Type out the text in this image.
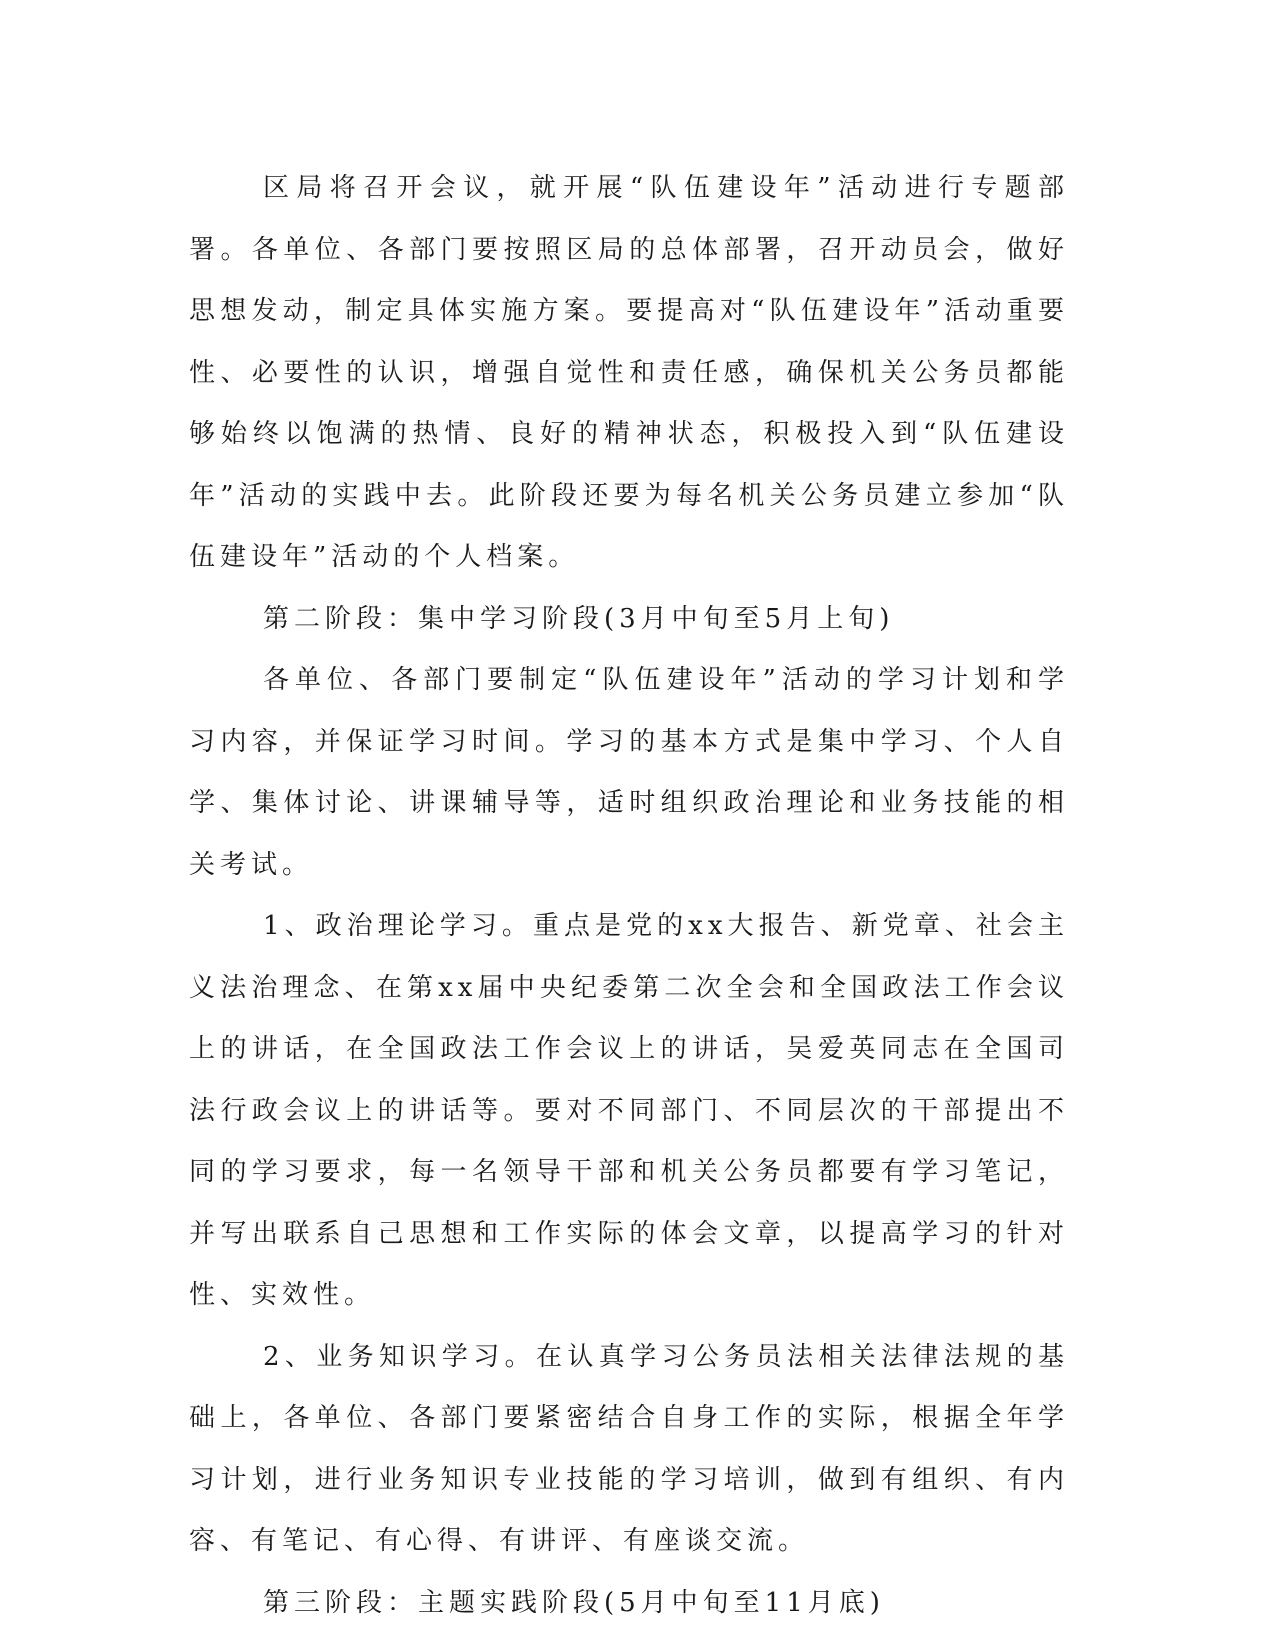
区局将召开会议，就开展“队伍建设年”活动进行专题部署。各单位、各部门要按照区局的总体部署，召开动员会，做好思想发动，制定具体实施方案。要提高对“队伍建设年”活动重要性、必要性的认识，增强自觉性和责任感，确保机关公务员都能够始终以饱满的热情、良好的精神状态，积极投入到“队伍建设年”活动的实践中去。此阶段还要为每名机关公务员建立参加“队伍建设年”活动的个人档案。

第二阶段：集中学习阶段(3月中旬至5月上旬)

各单位、各部门要制定“队伍建设年”活动的学习计划和学习内容，并保证学习时间。学习的基本方式是集中学习、个人自学、集体讨论、讲课辅导等，适时组织政治理论和业务技能的相关考试。

1、政治理论学习。重点是党的xx大报告、新党章、社会主义法治理念、在第xx届中央纪委第二次全会和全国政法工作会议上的讲话，在全国政法工作会议上的讲话，吴爱英同志在全国司法行政会议上的讲话等。要对不同部门、不同层次的干部提出不同的学习要求，每一名领导干部和机关公务员都要有学习笔记，并写出联系自己思想和工作实际的体会文章，以提高学习的针对性、实效性。

2、业务知识学习。在认真学习公务员法相关法律法规的基础上，各单位、各部门要紧密结合自身工作的实际，根据全年学习计划，进行业务知识专业技能的学习培训，做到有组织、有内容、有笔记、有心得、有讲评、有座谈交流。

第三阶段：主题实践阶段(5月中旬至11月底)
